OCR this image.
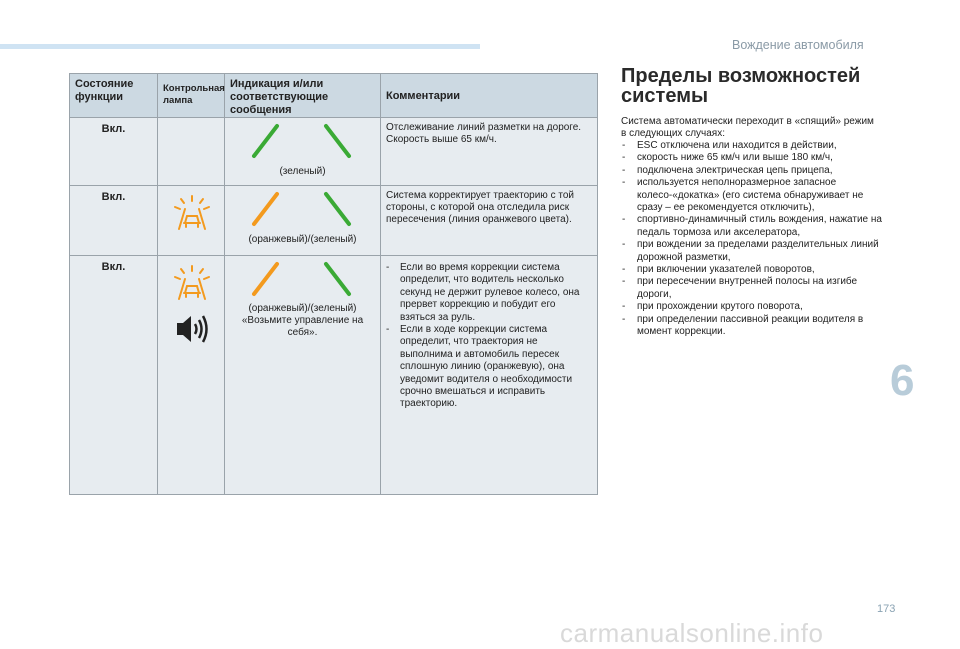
Вождение автомобиля
Состояние функции
Контрольная лампа
Индикация и/или соответствующие сообщения
Комментарии
Вкл.
(зеленый)
Отслеживание линий разметки на дороге. Скорость выше 65 км/ч.
Вкл.
(оранжевый)/(зеленый)
Система корректирует траекторию с той стороны, с которой она отследила риск пересечения (линия оранжевого цвета).
Вкл.
(оранжевый)/(зеленый)
«Возьмите управление на себя».
- Если во время коррекции система определит, что водитель несколько секунд не держит рулевое колесо, она прервет коррекцию и побудит его взяться за руль.
- Если в ходе коррекции система определит, что траектория не выполнима и автомобиль пересек сплошную линию (оранжевую), она уведомит водителя о необходимости срочно вмешаться и исправить траекторию.
Пределы возможностей системы
Система автоматически переходит в «спящий» режим в следующих случаях:
- ESC отключена или находится в действии,
- скорость ниже 65 км/ч или выше 180 км/ч,
- подключена электрическая цепь прицепа,
- используется неполноразмерное запасное колесо-«докатка» (его система обнаруживает не сразу – ее рекомендуется отключить),
- спортивно-динамичный стиль вождения, нажатие на педаль тормоза или акселератора,
- при вождении за пределами разделительных линий дорожной разметки,
- при включении указателей поворотов,
- при пересечении внутренней полосы на изгибе дороги,
- при прохождении крутого поворота,
- при определении пассивной реакции водителя в момент коррекции.
6
173
carmanualsonline.info
